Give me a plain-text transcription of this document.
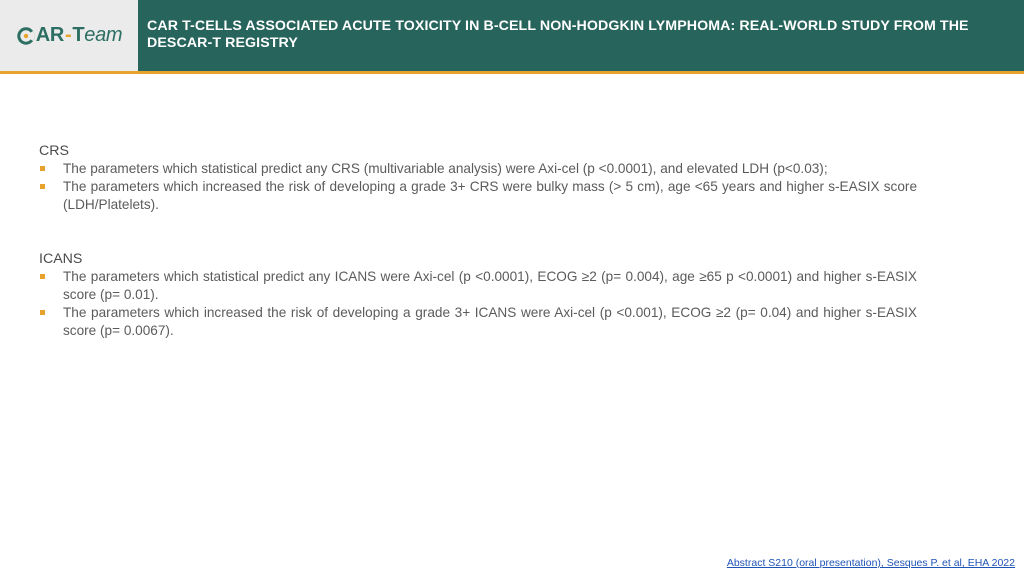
AR - T eam CAR T-CELLS ASSOCIATED ACUTE TOXICITY IN B-CELL NON-HODGKIN LYMPHOMA: REAL-WORLD STUDY FROM THE DESCAR-T REGISTRY

CRS

The parameters which statistical predict any CRS (multivariable analysis) were Axi-cel (p <0.0001), and elevated LDH (p<0.03);
The parameters which increased the risk of developing a grade 3+ CRS were bulky mass (> 5 cm), age <65 years and higher s-EASIX score (LDH/Platelets).

ICANS

The parameters which statistical predict any ICANS were Axi-cel (p <0.0001), ECOG ≥2 (p= 0.004), age ≥65 p <0.0001) and higher s-EASIX score (p= 0.01).
The parameters which increased the risk of developing a grade 3+ ICANS were Axi-cel (p <0.001), ECOG ≥2 (p= 0.04) and higher s-EASIX score (p= 0.0067).
Abstract S210 (oral presentation), Sesques P. et al, EHA 2022
